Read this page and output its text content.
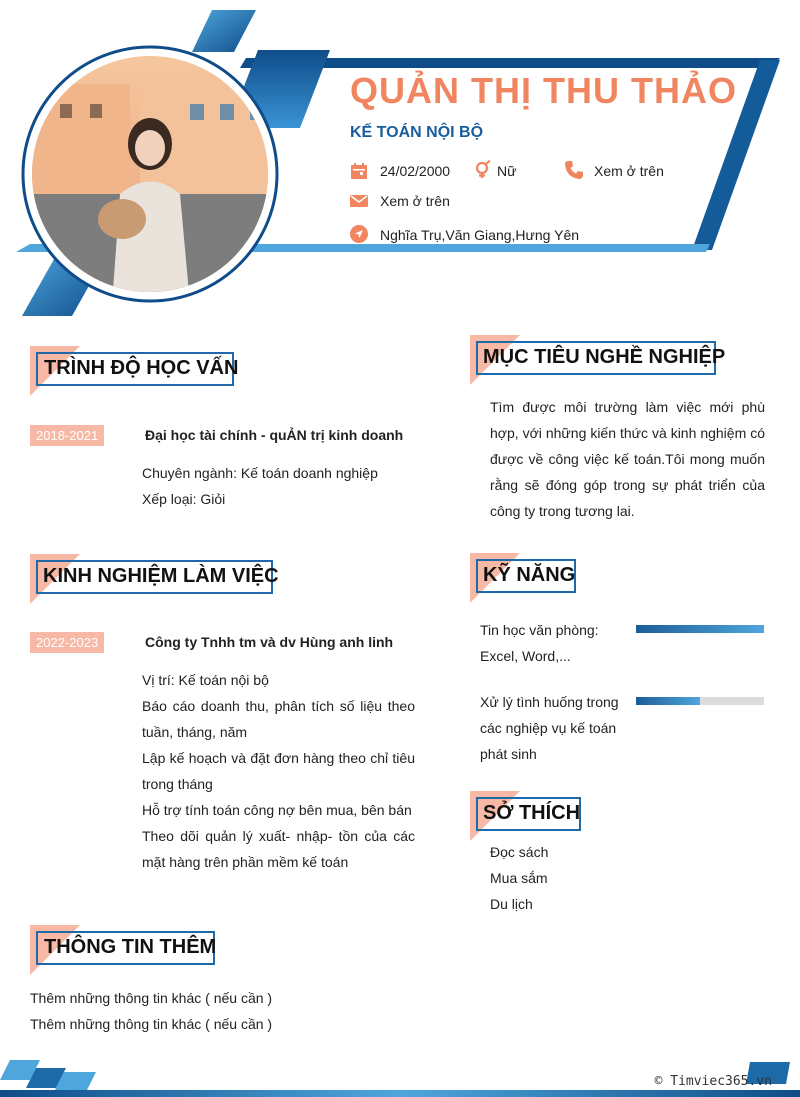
QUẢN THỊ THU THẢO
KẾ TOÁN NỘI BỘ
24/02/2000	Nữ	Xem ở trên
Xem ở trên
Nghĩa Trụ,Văn Giang,Hưng Yên
TRÌNH ĐỘ HỌC VẤN
2018-2021	Đại học tài chính - quẢN trị kinh doanh
Chuyên ngành: Kế toán doanh nghiệp
Xếp loại: Giỏi
KINH NGHIỆM LÀM VIỆC
2022-2023	Công ty Tnhh tm và dv Hùng anh linh
Vị trí: Kế toán nội bộ
Báo cáo doanh thu, phân tích số liệu theo tuần, tháng, năm
Lập kế hoạch và đặt đơn hàng theo chỉ tiêu trong tháng
Hỗ trợ tính toán công nợ bên mua, bên bán
Theo dõi quản lý xuất- nhập- tồn của các mặt hàng trên phần mềm kế toán
THÔNG TIN THÊM
Thêm những thông tin khác ( nếu cần )
Thêm những thông tin khác ( nếu cần )
MỤC TIÊU NGHỀ NGHIỆP
Tìm được môi trường làm việc mới phù hợp, với những kiến thức và kinh nghiệm có được về công việc kế toán.Tôi mong muốn rằng sẽ đóng góp trong sự phát triển của công ty trong tương lai.
KỸ NĂNG
Tin học văn phòng: Excel, Word,...
Xử lý tình huống trong các nghiệp vụ kế toán phát sinh
SỞ THÍCH
Đọc sách
Mua sắm
Du lịch
© Timviec365.vn
